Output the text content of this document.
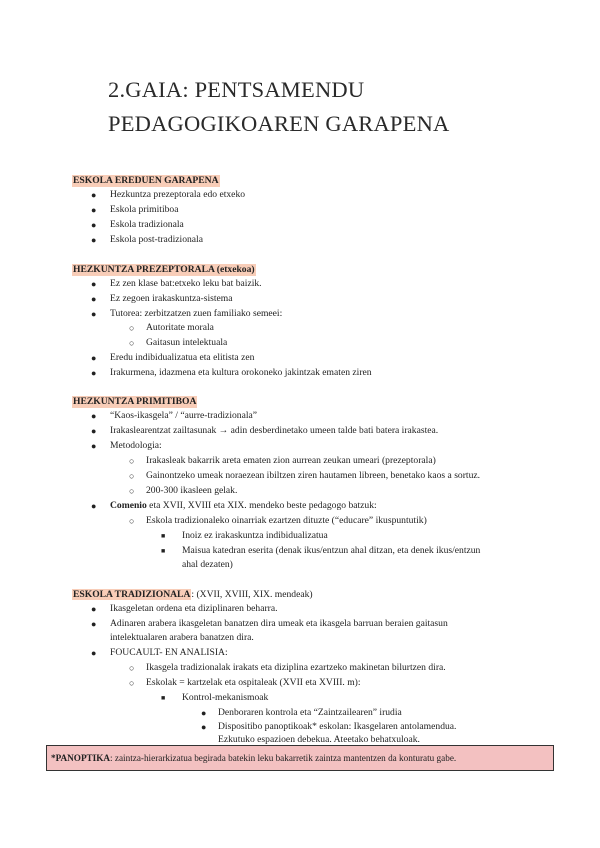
2.GAIA: PENTSAMENDU
PEDAGOGIKOAREN GARAPENA
ESKOLA EREDUEN GARAPENA
● Hezkuntza prezeptorala edo etxeko
● Eskola primitiboa
● Eskola tradizionala
● Eskola post-tradizionala
HEZKUNTZA PREZEPTORALA (etxekoa)
● Ez zen klase bat:etxeko leku bat baizik.
● Ez zegoen irakaskuntza-sistema
● Tutorea: zerbitzatzen zuen familiako semeei:
○ Autoritate morala
○ Gaitasun intelektuala
● Eredu indibidualizatua eta elitista zen
● Irakurmena, idazmena eta kultura orokoneko jakintzak ematen ziren
HEZKUNTZA PRIMITIBOA
● “Kaos-ikasgela” / “aurre-tradizionala”
● Irakaslearentzat zailtasunak → adin desberdinetako umeen talde bati batera irakastea.
● Metodologia:
○ Irakasleak bakarrik areta ematen zion aurrean zeukan umeari (prezeptorala)
○ Gainontzeko umeak noraezean ibiltzen ziren hautamen libreen, benetako kaos a sortuz.
○ 200-300 ikasleen gelak.
● Comenio eta XVII, XVIII eta XIX. mendeko beste pedagogo batzuk:
○ Eskola tradizionaleko oinarriak ezartzen dituzte (“educare” ikuspuntutik)
■ Inoiz ez irakaskuntza indibidualizatua
■ Maisua katedran eserita (denak ikus/entzun ahal ditzan, eta denek ikus/entzun
ahal dezaten)
ESKOLA TRADIZIONALA: (XVII, XVIII, XIX. mendeak)
● Ikasgeletan ordena eta diziplinaren beharra.
● Adinaren arabera ikasgeletan banatzen dira umeak eta ikasgela barruan beraien gaitasun
intelektualaren arabera banatzen dira.
● FOUCAULT- EN ANALISIA:
○ Ikasgela tradizionalak irakats eta diziplina ezartzeko makinetan bilurtzen dira.
○ Eskolak = kartzelak eta ospitaleak (XVII eta XVIII. m):
■ Kontrol-mekanismoak
● Denboraren kontrola eta “Zaintzailearen” irudia
● Dispositibo panoptikoak* eskolan: Ikasgelaren antolamendua.
Ezkutuko espazioen debekua. Ateetako behatxuloak.
*PANOPTIKA: zaintza-hierarkizatua begirada batekin leku bakarretik zaintza mantentzen da konturatu gabe.
